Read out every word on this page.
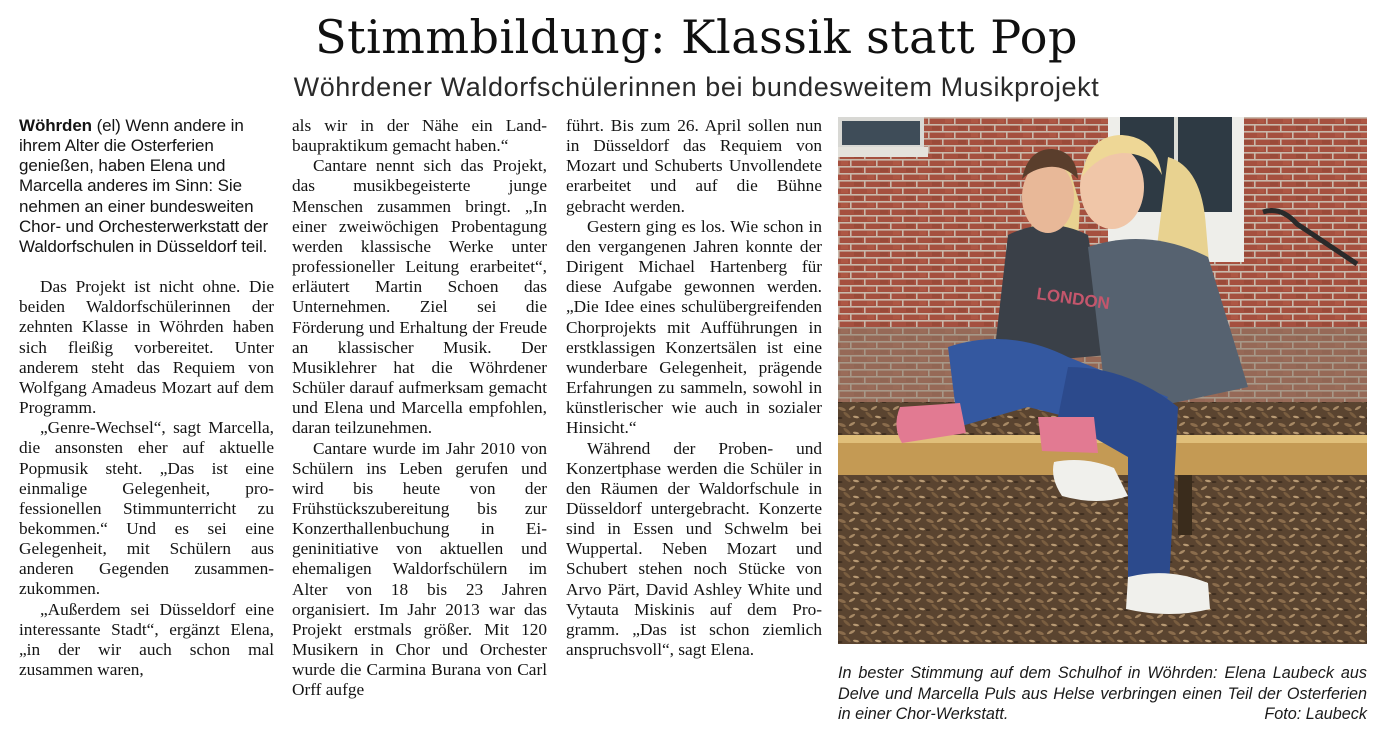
Stimmbildung: Klassik statt Pop
Wöhrdener Waldorfschülerinnen bei bundesweitem Musikprojekt

Wöhrden (el) Wenn andere in ihrem Alter die Osterferien genießen, haben Elena und Marcella anderes im Sinn: Sie nehmen an einer bundesweiten Chor- und Orchesterwerkstatt der Waldorfschulen in Düsseldorf teil.

Das Projekt ist nicht ohne. Die beiden Waldorfschülerinnen der zehnten Klasse in Wöhrden haben sich fleißig vorbereitet. Unter anderem steht das Requiem von Wolfgang Amadeus Mozart auf dem Programm.

„Genre-Wechsel“, sagt Marcella, die ansonsten eher auf aktuelle Popmusik steht. „Das ist eine einmalige Gelegenheit, professionellen Stimmunterricht zu bekommen.“ Und es sei eine Gelegenheit, mit Schülern aus anderen Gegenden zusammenzukommen.

„Außerdem sei Düsseldorf eine interessante Stadt“, ergänzt Elena, „in der wir auch schon mal zusammen waren,

als wir in der Nähe ein Landbaupraktikum gemacht haben.“

Cantare nennt sich das Projekt, das musikbegeisterte junge Menschen zusammen bringt. „In einer zweiwöchigen Probentagung werden klassische Werke unter professioneller Leitung erarbeitet“, erläutert Martin Schoen das Unternehmen. Ziel sei die Förderung und Erhaltung der Freude an klassischer Musik. Der Musiklehrer hat die Wöhrdener Schüler darauf aufmerksam gemacht und Elena und Marcella empfohlen, daran teilzunehmen.

Cantare wurde im Jahr 2010 von Schülern ins Leben gerufen und wird bis heute von der Frühstückszubereitung bis zur Konzerthallenbuchung in Eigeninitiative von aktuellen und ehemaligen Waldorfschülern im Alter von 18 bis 23 Jahren organisiert. Im Jahr 2013 war das Projekt erstmals größer. Mit 120 Musikern in Chor und Orchester wurde die Carmina Burana von Carl Orff aufge

führt. Bis zum 26. April sollen nun in Düsseldorf das Requiem von Mozart und Schuberts Unvollendete erarbeitet und auf die Bühne gebracht werden.

Gestern ging es los. Wie schon in den vergangenen Jahren konnte der Dirigent Michael Hartenberg für diese Aufgabe gewonnen werden. „Die Idee eines schulübergreifenden Chorprojekts mit Aufführungen in erstklassigen Konzertsälen ist eine wunderbare Gelegenheit, prägende Erfahrungen zu sammeln, sowohl in künstlerischer wie auch in sozialer Hinsicht.“

Während der Proben- und Konzertphase werden die Schüler in den Räumen der Waldorfschule in Düsseldorf untergebracht. Konzerte sind in Essen und Schwelm bei Wuppertal. Neben Mozart und Schubert stehen noch Stücke von Arvo Pärt, David Ashley White und Vytauta Miskinis auf dem Programm. „Das ist schon ziemlich anspruchsvoll“, sagt Elena.

LONDON
In bester Stimmung auf dem Schulhof in Wöhrden: Elena Laubeck aus Delve und Marcella Puls aus Helse verbringen einen Teil der Osterferien in einer Chor-Werkstatt.	Foto: Laubeck
